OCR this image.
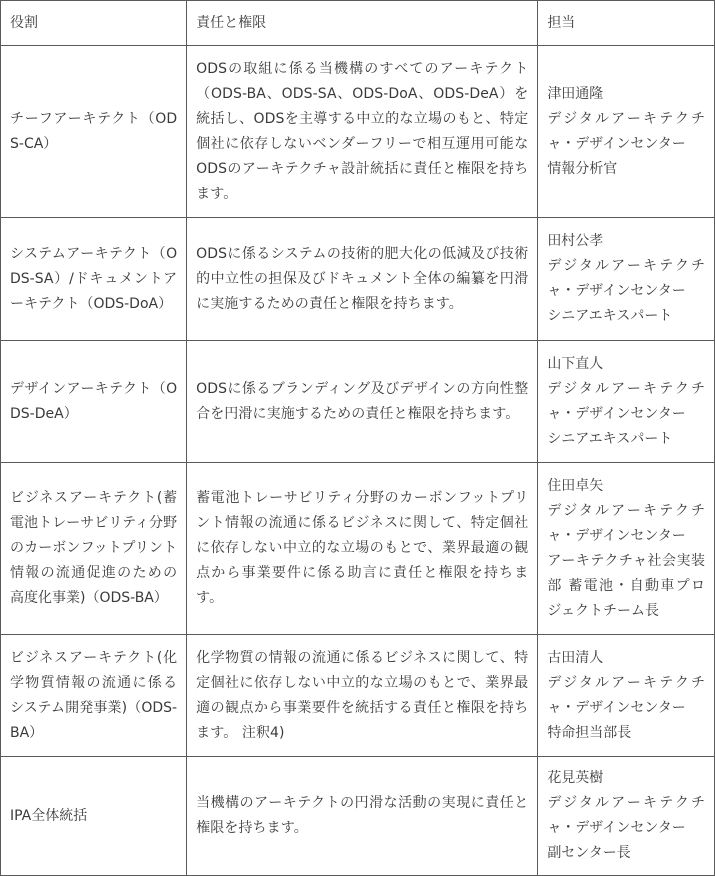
役割	責任と権限	担当
チーフアーキテクト（ODS-CA）	ODSの取組に係る当機構のすべてのアーキテクト（ODS-BA、ODS-SA、ODS-DoA、ODS-DeA）を統括し、ODSを主導する中立的な立場のもと、特定個社に依存しないベンダーフリーで相互運用可能なODSのアーキテクチャ設計統括に責任と権限を持ちます。	津田通隆
デジタルアーキテクチャ・デザインセンター
情報分析官

システムアーキテクト（ODS-SA）/ドキュメントアーキテクト（ODS-DoA）	ODSに係るシステムの技術的肥大化の低減及び技術的中立性の担保及びドキュメント全体の編纂を円滑に実施するための責任と権限を持ちます。	田村公孝
デジタルアーキテクチャ・デザインセンター
シニアエキスパート

デザインアーキテクト（ODS-DeA）	ODSに係るブランディング及びデザインの方向性整合を円滑に実施するための責任と権限を持ちます。	山下直人
デジタルアーキテクチャ・デザインセンター
シニアエキスパート

ビジネスアーキテクト(蓄電池トレーサビリティ分野のカーボンフットプリント情報の流通促進のための高度化事業)（ODS-BA）	蓄電池トレーサビリティ分野のカーボンフットプリント情報の流通に係るビジネスに関して、特定個社に依存しない中立的な立場のもとで、業界最適の観点から事業要件に係る助言に責任と権限を持ちます。	住田卓矢
デジタルアーキテクチャ・デザインセンター
アーキテクチャ社会実装部 蓄電池・自動車プロジェクトチーム長

ビジネスアーキテクト(化学物質情報の流通に係るシステム開発事業)（ODS-BA）	化学物質の情報の流通に係るビジネスに関して、特定個社に依存しない中立的な立場のもとで、業界最適の観点から事業要件を統括する責任と権限を持ちます。 注釈4)	古田清人
デジタルアーキテクチャ・デザインセンター
特命担当部長

IPA全体統括	当機構のアーキテクトの円滑な活動の実現に責任と権限を持ちます。	花見英樹
デジタルアーキテクチャ・デザインセンター
副センター長
